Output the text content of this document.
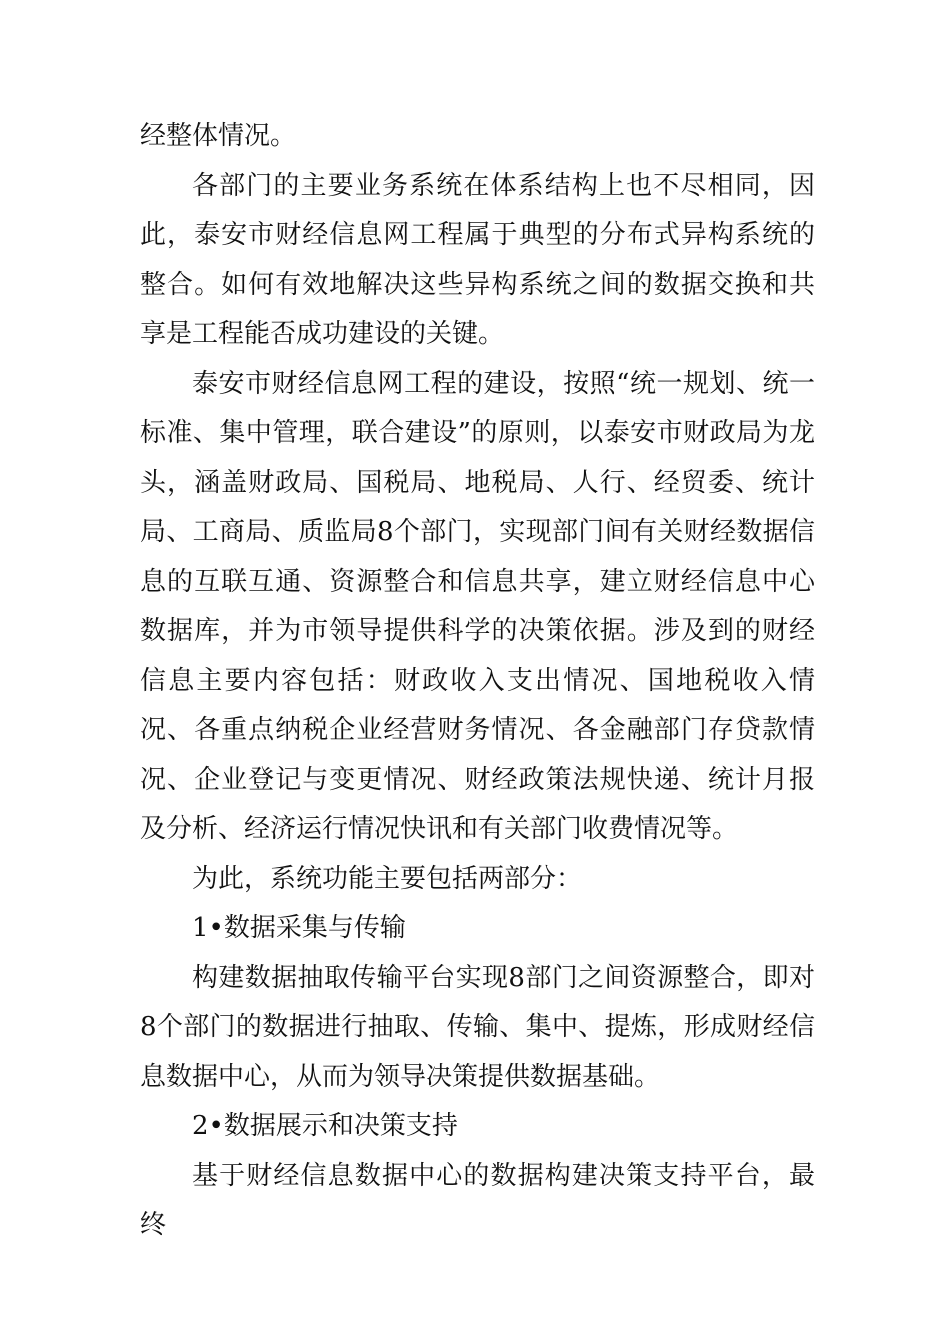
经整体情况。

各部门的主要业务系统在体系结构上也不尽相同，因此，泰安市财经信息网工程属于典型的分布式异构系统的整合。如何有效地解决这些异构系统之间的数据交换和共享是工程能否成功建设的关键。

泰安市财经信息网工程的建设，按照“统一规划、统一标准、集中管理，联合建设”的原则，以泰安市财政局为龙头，涵盖财政局、国税局、地税局、人行、经贸委、统计局、工商局、质监局8个部门，实现部门间有关财经数据信息的互联互通、资源整合和信息共享，建立财经信息中心数据库，并为市领导提供科学的决策依据。涉及到的财经信息主要内容包括：财政收入支出情况、国地税收入情况、各重点纳税企业经营财务情况、各金融部门存贷款情况、企业登记与变更情况、财经政策法规快递、统计月报及分析、经济运行情况快讯和有关部门收费情况等。

为此，系统功能主要包括两部分：

1•数据采集与传输

构建数据抽取传输平台实现8部门之间资源整合，即对8个部门的数据进行抽取、传输、集中、提炼，形成财经信息数据中心，从而为领导决策提供数据基础。

2•数据展示和决策支持

基于财经信息数据中心的数据构建决策支持平台，最终
